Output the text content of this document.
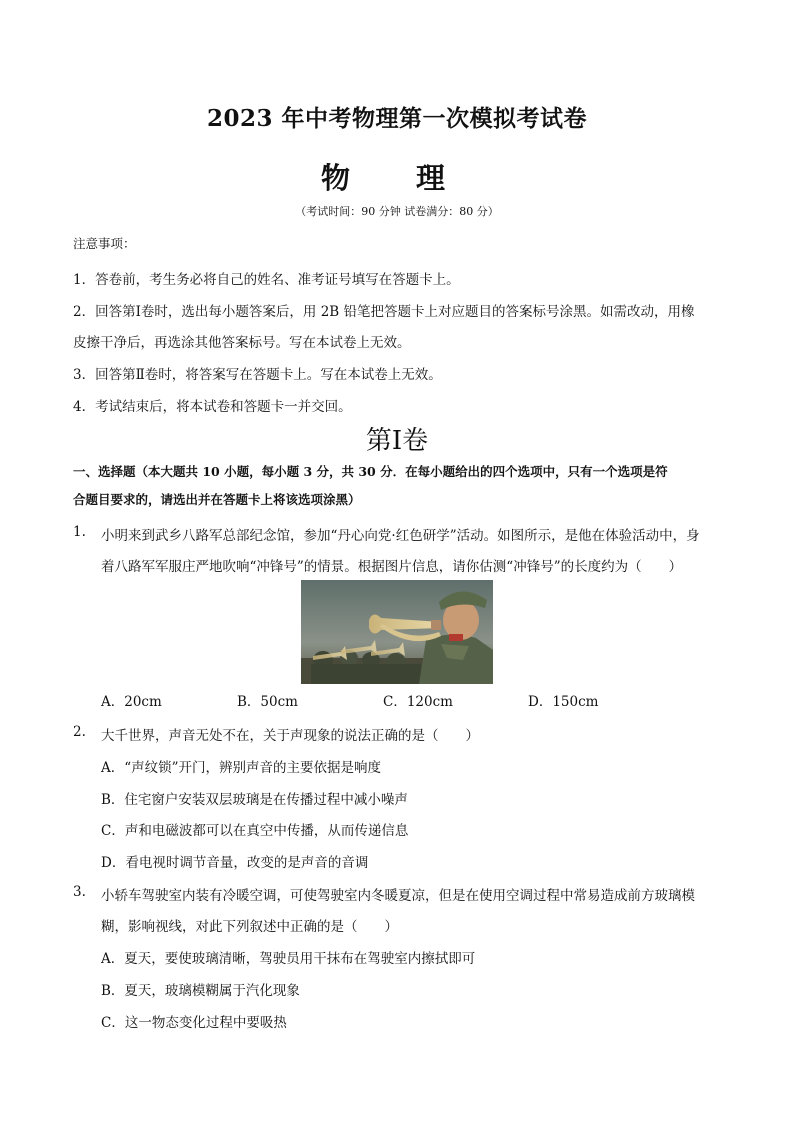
2023 年中考物理第一次模拟考试卷
物 理
（考试时间：90 分钟 试卷满分：80 分）
注意事项：
1．答卷前，考生务必将自己的姓名、准考证号填写在答题卡上。
2．回答第Ⅰ卷时，选出每小题答案后，用 2B 铅笔把答题卡上对应题目的答案标号涂黑。如需改动，用橡
皮擦干净后，再选涂其他答案标号。写在本试卷上无效。
3．回答第Ⅱ卷时，将答案写在答题卡上。写在本试卷上无效。
4．考试结束后，将本试卷和答题卡一并交回。
第Ⅰ卷
一、选择题（本大题共 10 小题，每小题 3 分，共 30 分．在每小题给出的四个选项中，只有一个选项是符
合题目要求的，请选出并在答题卡上将该选项涂黑）
1. 小明来到武乡八路军总部纪念馆，参加“丹心向党·红色研学”活动。如图所示，是他在体验活动中，身
着八路军军服庄严地吹响“冲锋号”的情景。根据图片信息，请你估测“冲锋号”的长度约为（　　）
A．20cm	B．50cm	C．120cm	D．150cm
2. 大千世界，声音无处不在，关于声现象的说法正确的是（　　）
A．“声纹锁”开门，辨别声音的主要依据是响度
B．住宅窗户安装双层玻璃是在传播过程中减小噪声
C．声和电磁波都可以在真空中传播，从而传递信息
D．看电视时调节音量，改变的是声音的音调
3. 小轿车驾驶室内装有冷暖空调，可使驾驶室内冬暖夏凉，但是在使用空调过程中常易造成前方玻璃模
糊，影响视线，对此下列叙述中正确的是（　　）
A．夏天，要使玻璃清晰，驾驶员用干抹布在驾驶室内擦拭即可
B．夏天，玻璃模糊属于汽化现象
C．这一物态变化过程中要吸热
